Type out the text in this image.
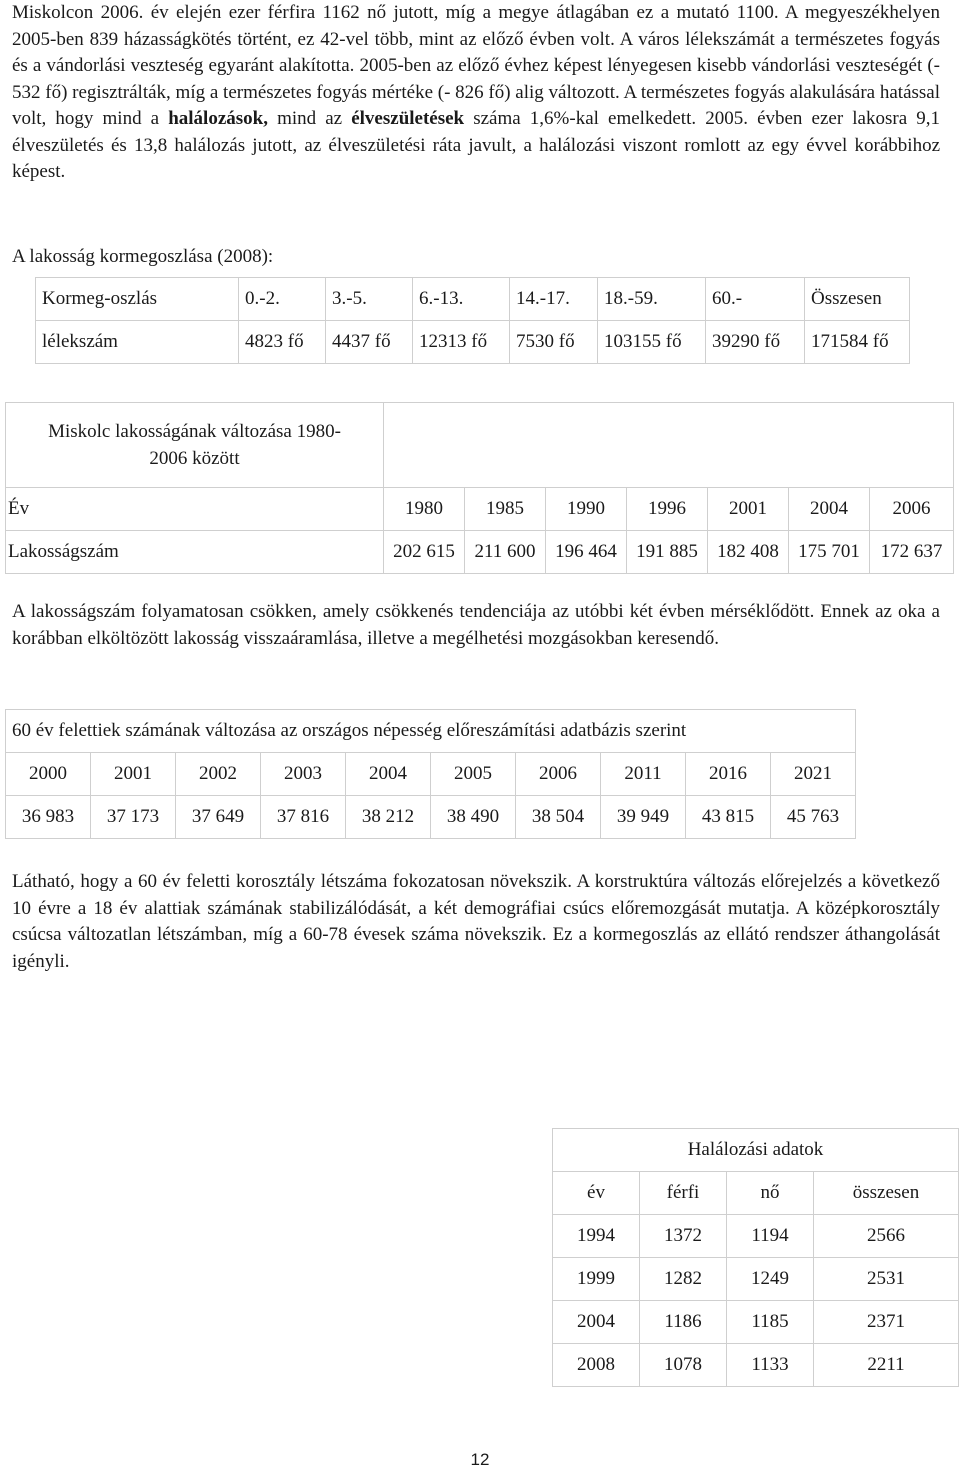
Miskolcon 2006. év elején ezer férfira 1162 nő jutott, míg a megye átlagában ez a mutató 1100. A megyeszékhelyen 2005-ben 839 házasságkötés történt, ez 42-vel több, mint az előző évben volt. A város lélekszámát a természetes fogyás és a vándorlási veszteség egyaránt alakította. 2005-ben az előző évhez képest lényegesen kisebb vándorlási veszteségét (- 532 fő) regisztrálták, míg a természetes fogyás mértéke (- 826 fő) alig változott. A természetes fogyás alakulására hatással volt, hogy mind a halálozások, mind az élveszületések száma 1,6%-kal emelkedett. 2005. évben ezer lakosra 9,1 élveszületés és 13,8 halálozás jutott, az élveszületési ráta javult, a halálozási viszont romlott az egy évvel korábbihoz képest.

A lakosság kormegoszlása (2008):
Kormeg-oszlás	0.-2.	3.-5.	6.-13.	14.-17.	18.-59.	60.-	Összesen
lélekszám	4823 fő	4437 fő	12313 fő	7530 fő	103155 fő	39290 fő	171584 fő
Miskolc lakosságának változása 1980-
2006 között							
Év	1980	1985	1990	1996	2001	2004	2006
Lakosságszám	202 615	211 600	196 464	191 885	182 408	175 701	172 637

A lakosságszám folyamatosan csökken, amely csökkenés tendenciája az utóbbi két évben mérséklődött. Ennek az oka a korábban elköltözött lakosság visszaáramlása, illetve a megélhetési mozgásokban keresendő.

60 év felettiek számának változása az országos népesség előreszámítási adatbázis szerint									
2000	2001	2002	2003	2004	2005	2006	2011	2016	2021
36 983	37 173	37 649	37 816	38 212	38 490	38 504	39 949	43 815	45 763

Látható, hogy a 60 év feletti korosztály létszáma fokozatosan növekszik. A korstruktúra változás előrejelzés a következő 10 évre a 18 év alattiak számának stabilizálódását, a két demográfiai csúcs előremozgását mutatja. A középkorosztály csúcsa változatlan létszámban, míg a 60-78 évesek száma növekszik. Ez a kormegoszlás az ellátó rendszer áthangolását igényli.

Halálozási adatok			
év	férfi	nő	összesen
1994	1372	1194	2566
1999	1282	1249	2531
2004	1186	1185	2371
2008	1078	1133	2211
12
